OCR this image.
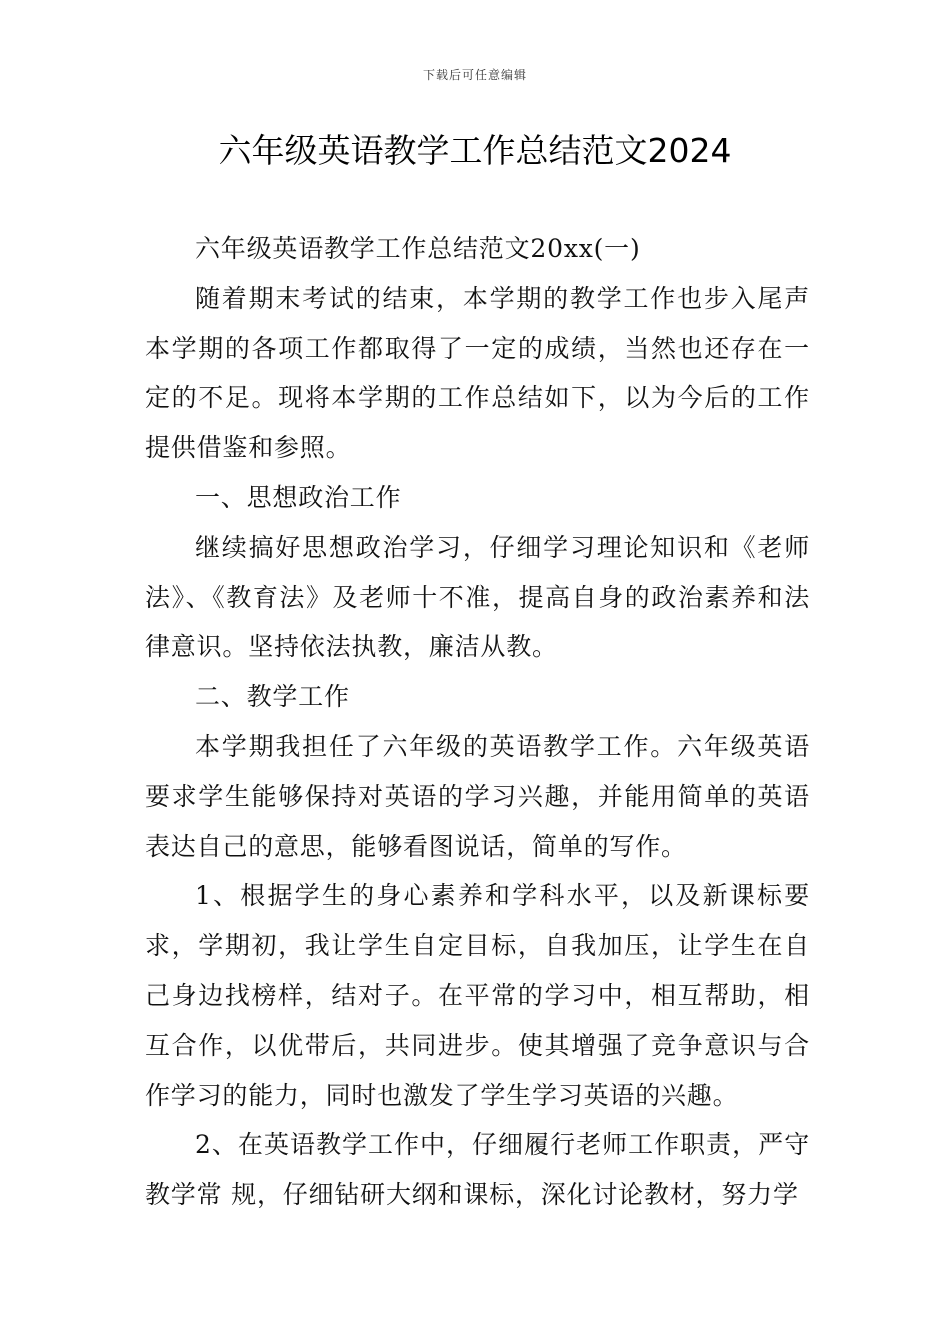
下载后可任意编辑
六年级英语教学工作总结范文2024

六年级英语教学工作总结范文20xx(一)

随着期末考试的结束，本学期的教学工作也步入尾声本学期的各项工作都取得了一定的成绩，当然也还存在一定的不足。现将本学期的工作总结如下，以为今后的工作提供借鉴和参照。

一、思想政治工作

继续搞好思想政治学习，仔细学习理论知识和《老师法》、《教育法》及老师十不准，提高自身的政治素养和法律意识。坚持依法执教，廉洁从教。

二、教学工作

本学期我担任了六年级的英语教学工作。六年级英语要求学生能够保持对英语的学习兴趣，并能用简单的英语表达自己的意思，能够看图说话，简单的写作。

1、根据学生的身心素养和学科水平，以及新课标要求，学期初，我让学生自定目标，自我加压，让学生在自己身边找榜样，结对子。在平常的学习中，相互帮助，相互合作，以优带后，共同进步。使其增强了竞争意识与合作学习的能力，同时也激发了学生学习英语的兴趣。

2、在英语教学工作中，仔细履行老师工作职责，严守教学常 规，仔细钻研大纲和课标，深化讨论教材，努力学
